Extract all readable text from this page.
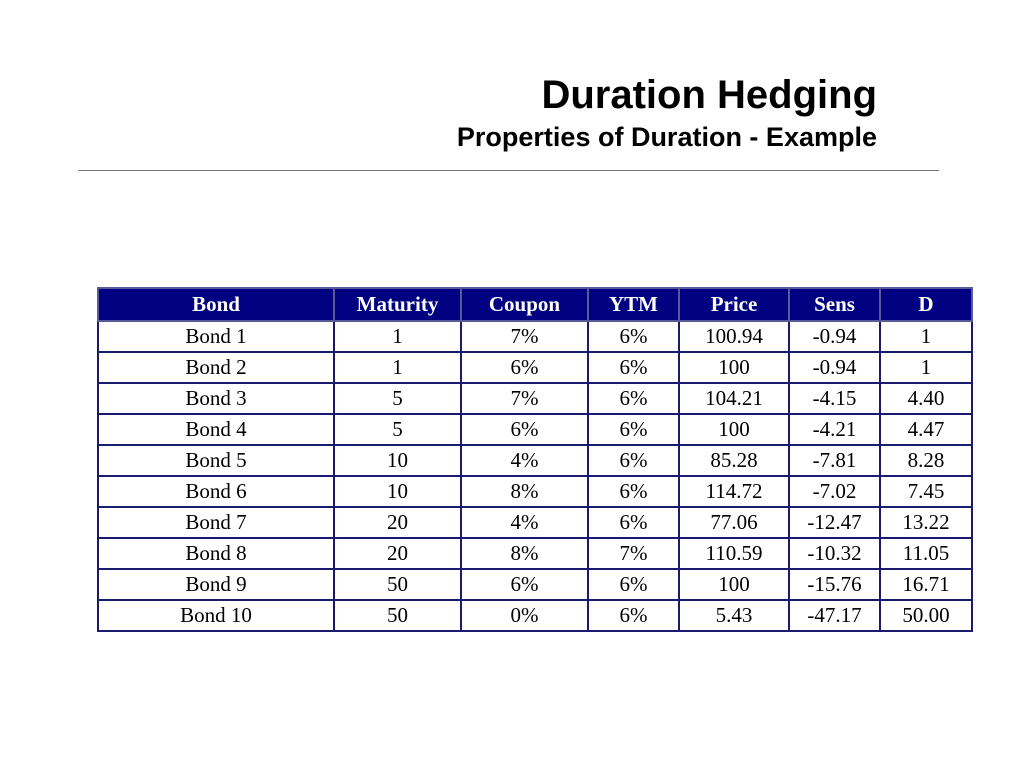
Duration Hedging
Properties of Duration - Example
Bond	Maturity	Coupon	YTM	Price	Sens	D
Bond 1	1	7%	6%	100.94	-0.94	1
Bond 2	1	6%	6%	100	-0.94	1
Bond 3	5	7%	6%	104.21	-4.15	4.40
Bond 4	5	6%	6%	100	-4.21	4.47
Bond 5	10	4%	6%	85.28	-7.81	8.28
Bond 6	10	8%	6%	114.72	-7.02	7.45
Bond 7	20	4%	6%	77.06	-12.47	13.22
Bond 8	20	8%	7%	110.59	-10.32	11.05
Bond 9	50	6%	6%	100	-15.76	16.71
Bond 10	50	0%	6%	5.43	-47.17	50.00
